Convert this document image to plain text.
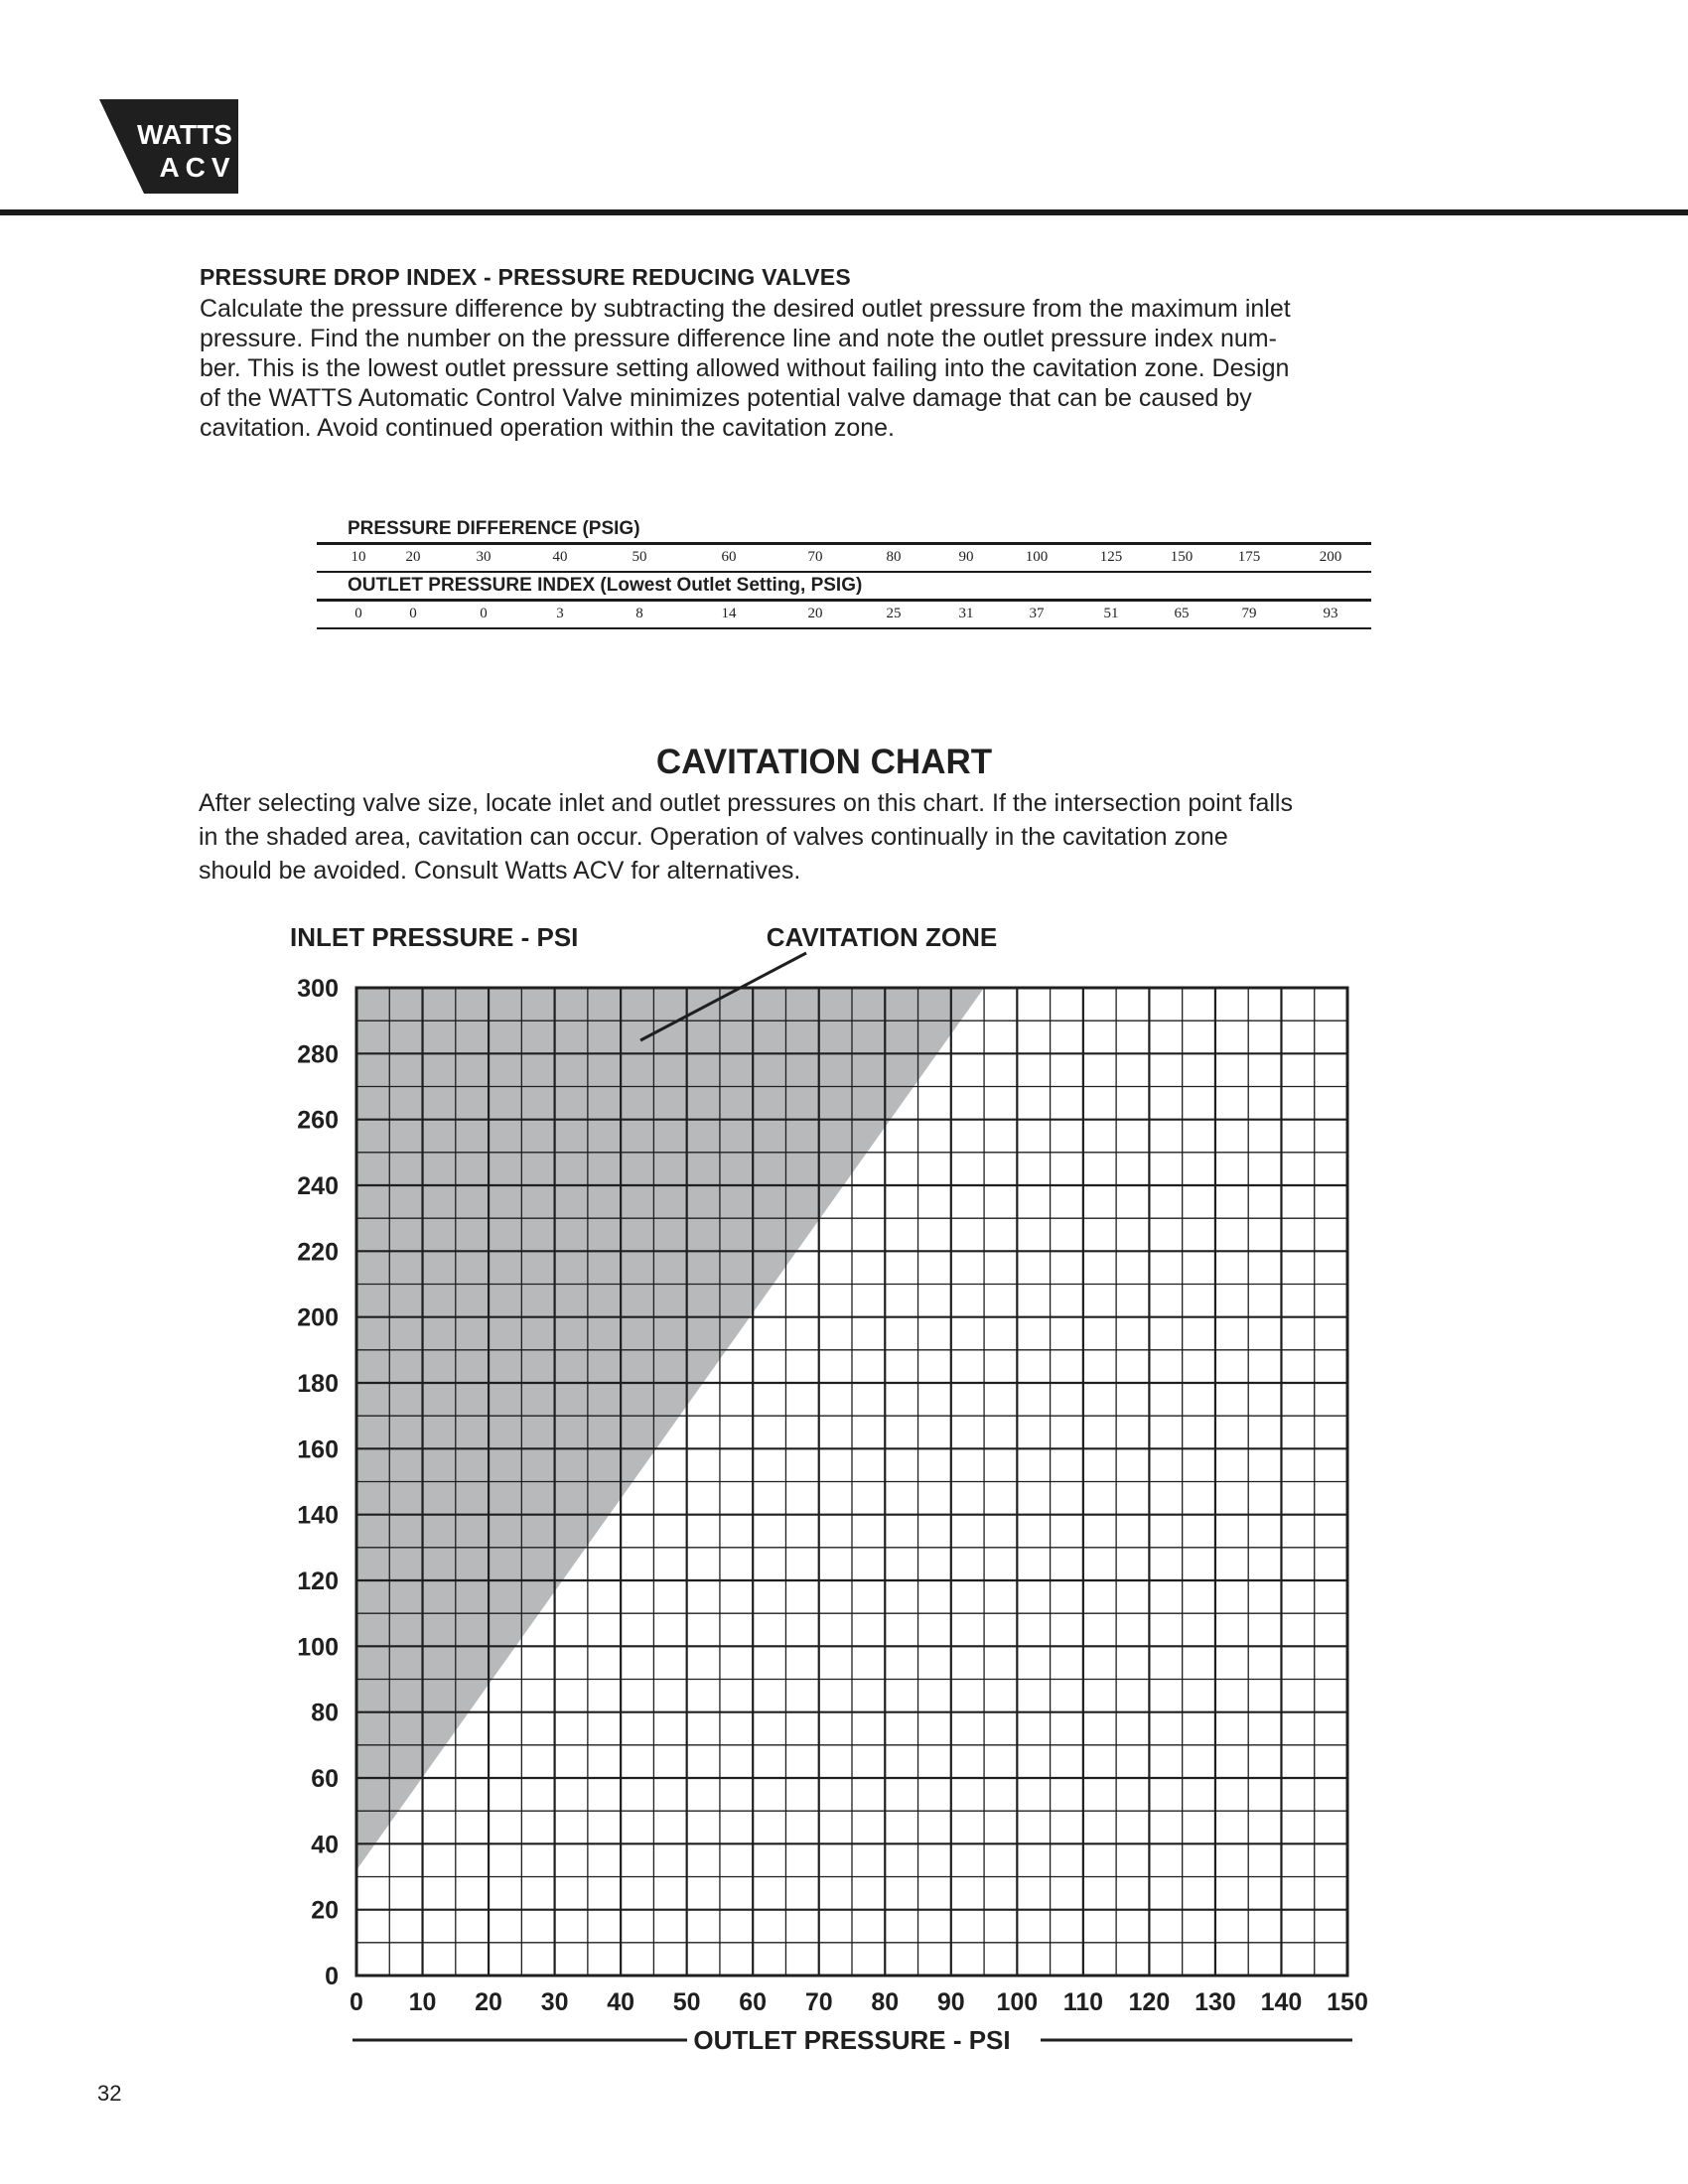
WATTS
ACV
PRESSURE DROP INDEX - PRESSURE REDUCING VALVES
Calculate the pressure difference by subtracting the desired outlet pressure from the maximum inlet
pressure. Find the number on the pressure difference line and note the outlet pressure index num-
ber. This is the lowest outlet pressure setting allowed without failing into the cavitation zone. Design
of the WATTS Automatic Control Valve minimizes potential valve damage that can be caused by
cavitation. Avoid continued operation within the cavitation zone.
PRESSURE DIFFERENCE (PSIG)
10	20	30	40	50	60	70	80	90	100	125	150	175	200
OUTLET PRESSURE INDEX (Lowest Outlet Setting, PSIG)
0	0	0	3	8	14	20	25	31	37	51	65	79	93
CAVITATION CHART
After selecting valve size, locate inlet and outlet pressures on this chart. If the intersection point falls
in the shaded area, cavitation can occur. Operation of valves continually in the cavitation zone
should be avoided. Consult Watts ACV for alternatives.
0 10 20 30 40 50 60 70 80 90 100 110 120 130 140 150
0
20
40
60
80
100
120
140
160
180
200
220
240
260
280
300
INLET PRESSURE - PSI
OUTLET PRESSURE - PSI
CAVITATION ZONE
32
